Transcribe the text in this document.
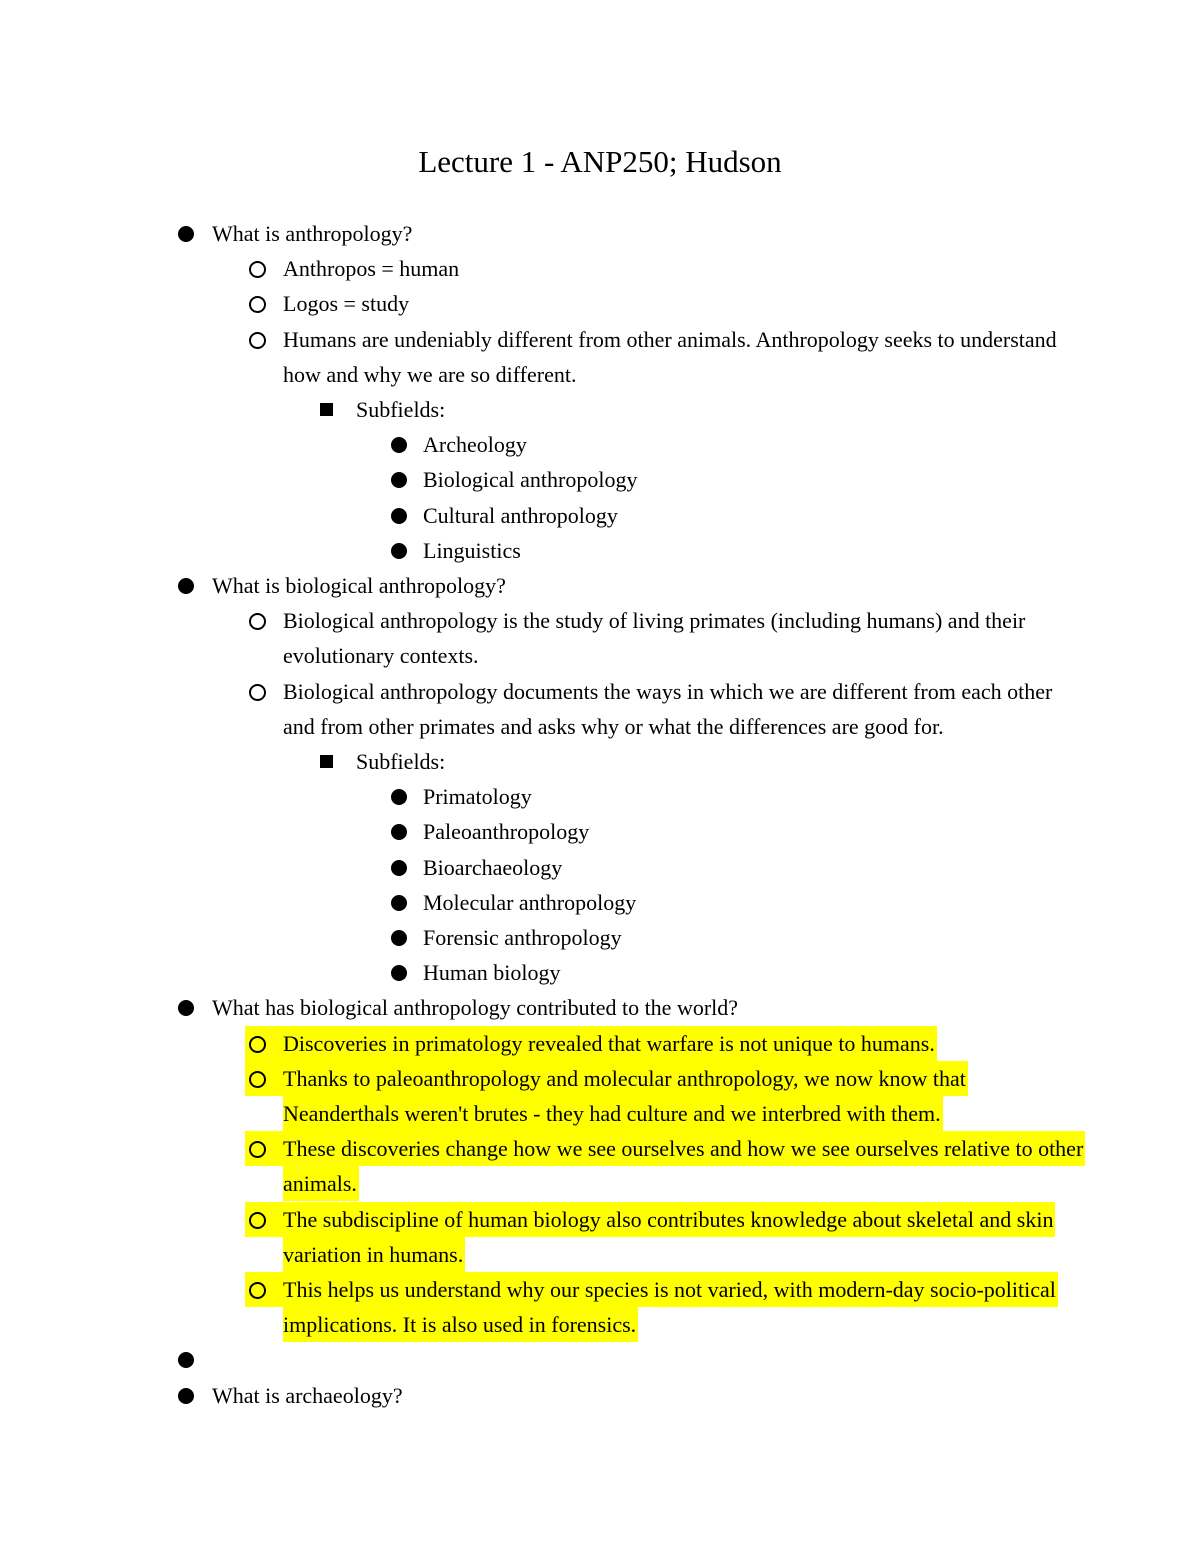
Lecture 1 - ANP250; Hudson
What is anthropology?
Anthropos = human
Logos = study
Humans are undeniably different from other animals. Anthropology seeks to understand
how and why we are so different.
Subfields:
Archeology
Biological anthropology
Cultural anthropology
Linguistics
What is biological anthropology?
Biological anthropology is the study of living primates (including humans) and their
evolutionary contexts.
Biological anthropology documents the ways in which we are different from each other
and from other primates and asks why or what the differences are good for.
Subfields:
Primatology
Paleoanthropology
Bioarchaeology
Molecular anthropology
Forensic anthropology
Human biology
What has biological anthropology contributed to the world?
Discoveries in primatology revealed that warfare is not unique to humans.
Thanks to paleoanthropology and molecular anthropology, we now know that
Neanderthals weren't brutes - they had culture and we interbred with them.
These discoveries change how we see ourselves and how we see ourselves relative to other
animals.
The subdiscipline of human biology also contributes knowledge about skeletal and skin
variation in humans.
This helps us understand why our species is not varied, with modern-day socio-political
implications. It is also used in forensics.
What is archaeology?
